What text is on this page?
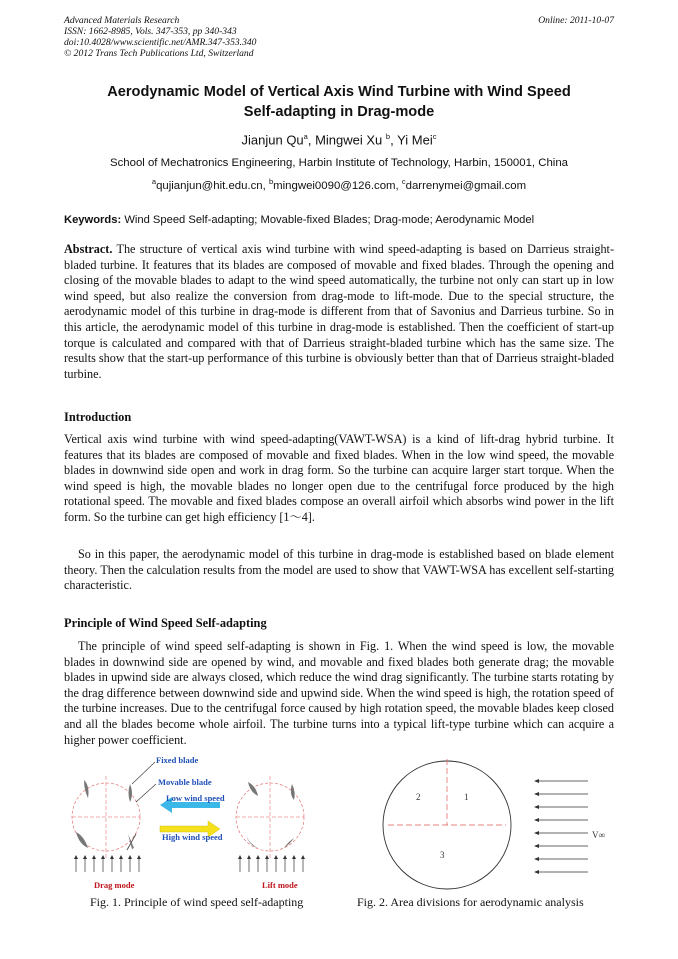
Advanced Materials Research
ISSN: 1662-8985, Vols. 347-353, pp 340-343
doi:10.4028/www.scientific.net/AMR.347-353.340
© 2012 Trans Tech Publications Ltd, Switzerland
Online: 2011-10-07
Aerodynamic Model of Vertical Axis Wind Turbine with Wind Speed
Self-adapting in Drag-mode
Jianjun Qu$^a$, Mingwei Xu $^b$, Yi Mei$^c$
School of Mechatronics Engineering, Harbin Institute of Technology, Harbin, 150001, China
$^a$qujianjun@hit.edu.cn, $^b$mingwei0090@126.com, $^c$darrenymei@gmail.com
Keywords: Wind Speed Self-adapting; Movable-fixed Blades; Drag-mode; Aerodynamic Model
Abstract. The structure of vertical axis wind turbine with wind speed-adapting is based on Darrieus straight-bladed turbine. It features that its blades are composed of movable and fixed blades. Through the opening and closing of the movable blades to adapt to the wind speed automatically, the turbine not only can start up in low wind speed, but also realize the conversion from drag-mode to lift-mode. Due to the special structure, the aerodynamic model of this turbine in drag-mode is different from that of Savonius and Darrieus turbine. So in this article, the aerodynamic model of this turbine in drag-mode is established. Then the coefficient of start-up torque is calculated and compared with that of Darrieus straight-bladed turbine which has the same size. The results show that the start-up performance of this turbine is obviously better than that of Darrieus straight-bladed turbine.
Introduction
Vertical axis wind turbine with wind speed-adapting(VAWT-WSA) is a kind of lift-drag hybrid turbine. It features that its blades are composed of movable and fixed blades. When in the low wind speed, the movable blades in downwind side open and work in drag form. So the turbine can acquire larger start torque. When the wind speed is high, the movable blades no longer open due to the centrifugal force produced by the high rotational speed. The movable and fixed blades compose an overall airfoil which absorbs wind power in the lift form. So the turbine can get high efficiency [1～4].
So in this paper, the aerodynamic model of this turbine in drag-mode is established based on blade element theory. Then the calculation results from the model are used to show that VAWT-WSA has excellent self-starting characteristic.
Principle of Wind Speed Self-adapting
The principle of wind speed self-adapting is shown in Fig. 1. When the wind speed is low, the movable blades in downwind side are opened by wind, and movable and fixed blades both generate drag; the movable blades in upwind side are always closed, which reduce the wind drag significantly. The turbine starts rotating by the drag difference between downwind side and upwind side. When the wind speed is high, the rotation speed of the turbine increases. Due to the centrifugal force caused by high rotation speed, the movable blades keep closed and all the blades become whole airfoil. The turbine turns into a typical lift-type turbine which can acquire a higher power coefficient.
Fixed blade
Movable blade
Low wind speed
High wind speed
Drag mode	Lift mode
2	1
3
V∞
Fig. 1. Principle of wind speed self-adapting	Fig. 2. Area divisions for aerodynamic analysis
